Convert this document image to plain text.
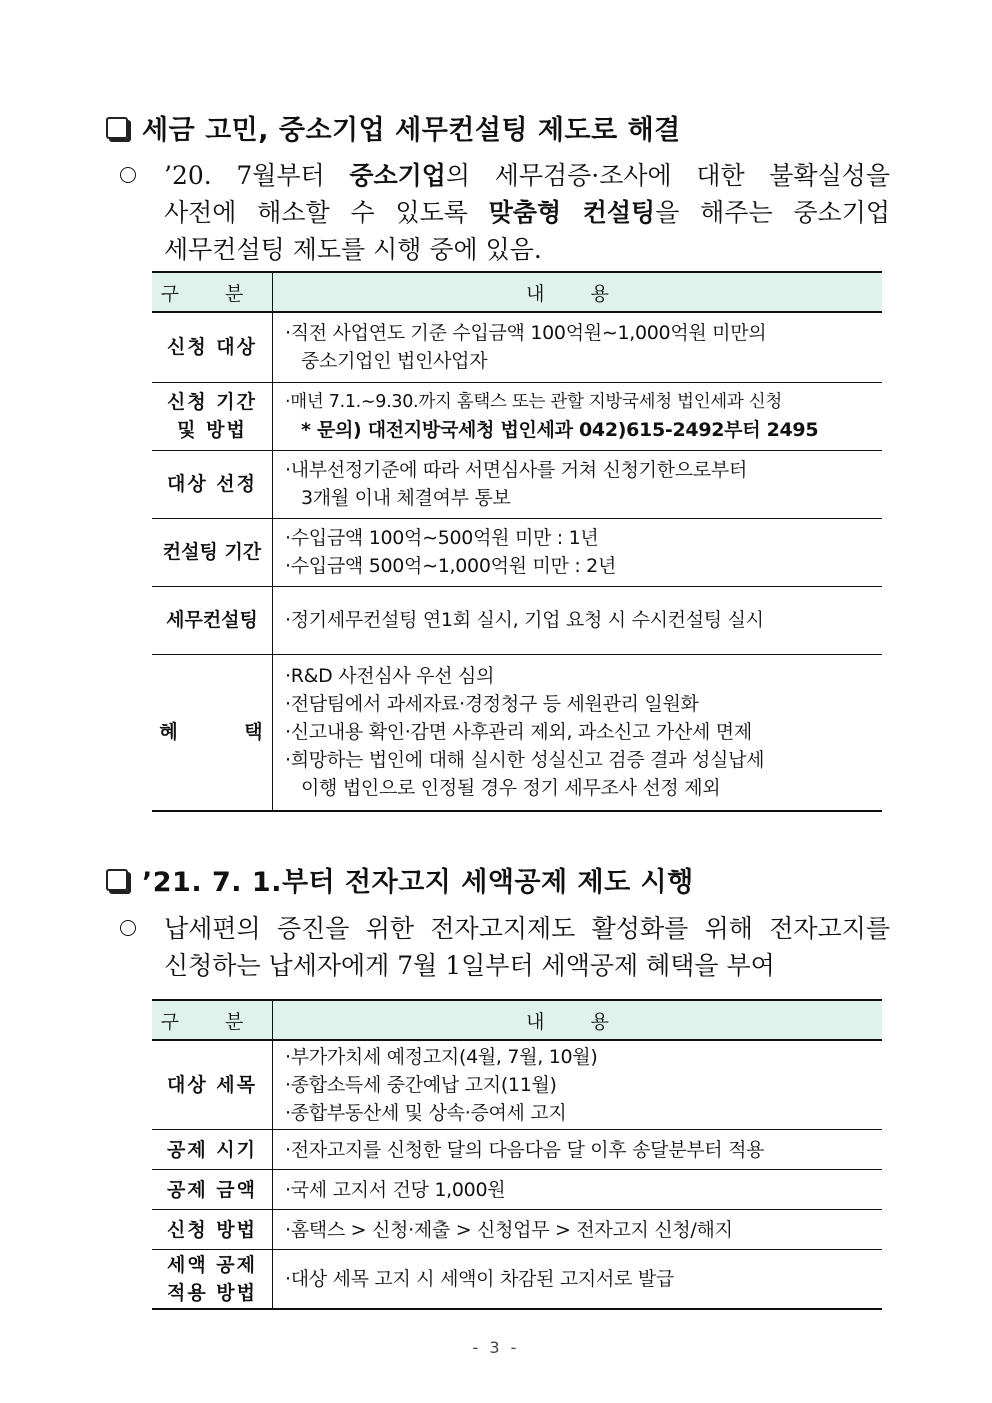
세금 고민, 중소기업 세무컨설팅 제도로 해결
’20. 7월부터 중소기업의 세무검증·조사에 대한 불확실성을
사전에 해소할 수 있도록 맞춤형 컨설팅을 해주는 중소기업
세무컨설팅 제도를 시행 중에 있음.
구 분	내 용
신청 대상	·직전 사업연도 기준 수입금액 100억원∼1,000억원 미만의
중소기업인 법인사업자

신청 기간
및 방법	·매년 7.1.∼9.30.까지 홈택스 또는 관할 지방국세청 법인세과 신청
* 문의) 대전지방국세청 법인세과 042)615-2492부터 2495

대상 선정	·내부선정기준에 따라 서면심사를 거쳐 신청기한으로부터
3개월 이내 체결여부 통보

컨설팅 기간	·수입금액 100억∼500억원 미만 : 1년
·수입금액 500억∼1,000억원 미만 : 2년

세무컨설팅	·정기세무컨설팅 연1회 실시, 기업 요청 시 수시컨설팅 실시

혜 택	·R&D 사전심사 우선 심의
·전담팀에서 과세자료·경정청구 등 세원관리 일원화
·신고내용 확인·감면 사후관리 제외, 과소신고 가산세 면제
·희망하는 법인에 대해 실시한 성실신고 검증 결과 성실납세
이행 법인으로 인정될 경우 정기 세무조사 선정 제외
’21. 7. 1.부터 전자고지 세액공제 제도 시행
납세편의 증진을 위한 전자고지제도 활성화를 위해 전자고지를
신청하는 납세자에게 7월 1일부터 세액공제 혜택을 부여
구 분	내 용
대상 세목	·부가가치세 예정고지(4월, 7월, 10월)
·종합소득세 중간예납 고지(11월)
·종합부동산세 및 상속·증여세 고지

공제 시기	·전자고지를 신청한 달의 다음다음 달 이후 송달분부터 적용

공제 금액	·국세 고지서 건당 1,000원

신청 방법	·홈택스 > 신청·제출 > 신청업무 > 전자고지 신청/해지

세액 공제
적용 방법	·대상 세목 고지 시 세액이 차감된 고지서로 발급
- 3 -
